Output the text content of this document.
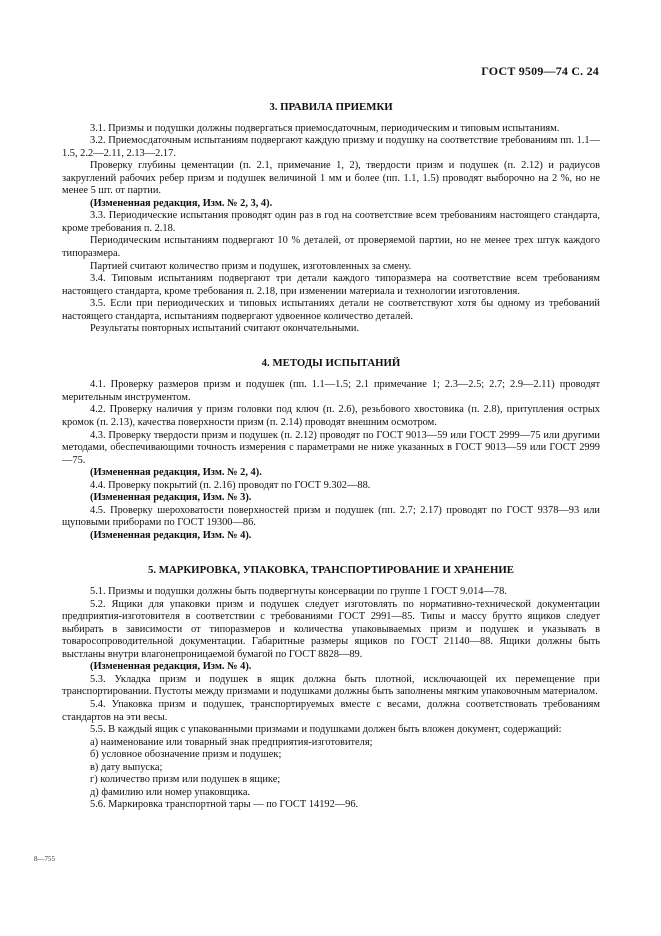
ГОСТ 9509—74 С. 24
3. ПРАВИЛА ПРИЕМКИ
3.1. Призмы и подушки должны подвергаться приемосдаточным, периодическим и типовым испытаниям.
3.2. Приемосдаточным испытаниям подвергают каждую призму и подушку на соответствие требованиям пп. 1.1—1.5, 2.2—2.11, 2.13—2.17.
Проверку глубины цементации (п. 2.1, примечание 1, 2), твердости призм и подушек (п. 2.12) и радиусов закруглений рабочих ребер призм и подушек величиной 1 мм и более (пп. 1.1, 1.5) проводят выборочно на 2 %, но не менее 5 шт. от партии.
(Измененная редакция, Изм. № 2, 3, 4).
3.3. Периодические испытания проводят один раз в год на соответствие всем требованиям настоящего стандарта, кроме требования п. 2.18.
Периодическим испытаниям подвергают 10 % деталей, от проверяемой партии, но не менее трех штук каждого типоразмера.
Партией считают количество призм и подушек, изготовленных за смену.
3.4. Типовым испытаниям подвергают три детали каждого типоразмера на соответствие всем требованиям настоящего стандарта, кроме требования п. 2.18, при изменении материала и технологии изготовления.
3.5. Если при периодических и типовых испытаниях детали не соответствуют хотя бы одному из требований настоящего стандарта, испытаниям подвергают удвоенное количество деталей.
Результаты повторных испытаний считают окончательными.
4. МЕТОДЫ ИСПЫТАНИЙ
4.1. Проверку размеров призм и подушек (пп. 1.1—1.5; 2.1 примечание 1; 2.3—2.5; 2.7; 2.9—2.11) проводят мерительным инструментом.
4.2. Проверку наличия у призм головки под ключ (п. 2.6), резьбового хвостовика (п. 2.8), притупления острых кромок (п. 2.13), качества поверхности призм (п. 2.14) проводят внешним осмотром.
4.3. Проверку твердости призм и подушек (п. 2.12) проводят по ГОСТ 9013—59 или ГОСТ 2999—75 или другими методами, обеспечивающими точность измерения с параметрами не ниже указанных в ГОСТ 9013—59 или ГОСТ 2999—75.
(Измененная редакция, Изм. № 2, 4).
4.4. Проверку покрытий (п. 2.16) проводят по ГОСТ 9.302—88.
(Измененная редакция, Изм. № 3).
4.5. Проверку шероховатости поверхностей призм и подушек (пп. 2.7; 2.17) проводят по ГОСТ 9378—93 или щуповыми приборами по ГОСТ 19300—86.
(Измененная редакция, Изм. № 4).
5. МАРКИРОВКА, УПАКОВКА, ТРАНСПОРТИРОВАНИЕ И ХРАНЕНИЕ
5.1. Призмы и подушки должны быть подвергнуты консервации по группе 1 ГОСТ 9.014—78.
5.2. Ящики для упаковки призм и подушек следует изготовлять по нормативно-технической документации предприятия-изготовителя в соответствии с требованиями ГОСТ 2991—85. Типы и массу брутто ящиков следует выбирать в зависимости от типоразмеров и количества упаковываемых призм и подушек и указывать в товаросопроводительной документации. Габаритные размеры ящиков по ГОСТ 21140—88. Ящики должны быть выстланы внутри влагонепроницаемой бумагой по ГОСТ 8828—89.
(Измененная редакция, Изм. № 4).
5.3. Укладка призм и подушек в ящик должна быть плотной, исключающей их перемещение при транспортировании. Пустоты между призмами и подушками должны быть заполнены мягким упаковочным материалом.
5.4. Упаковка призм и подушек, транспортируемых вместе с весами, должна соответствовать требованиям стандартов на эти весы.
5.5. В каждый ящик с упакованными призмами и подушками должен быть вложен документ, содержащий:
а) наименование или товарный знак предприятия-изготовителя;
б) условное обозначение призм и подушек;
в) дату выпуска;
г) количество призм или подушек в ящике;
д) фамилию или номер упаковщика.
5.6. Маркировка транспортной тары — по ГОСТ 14192—96.
8—755
